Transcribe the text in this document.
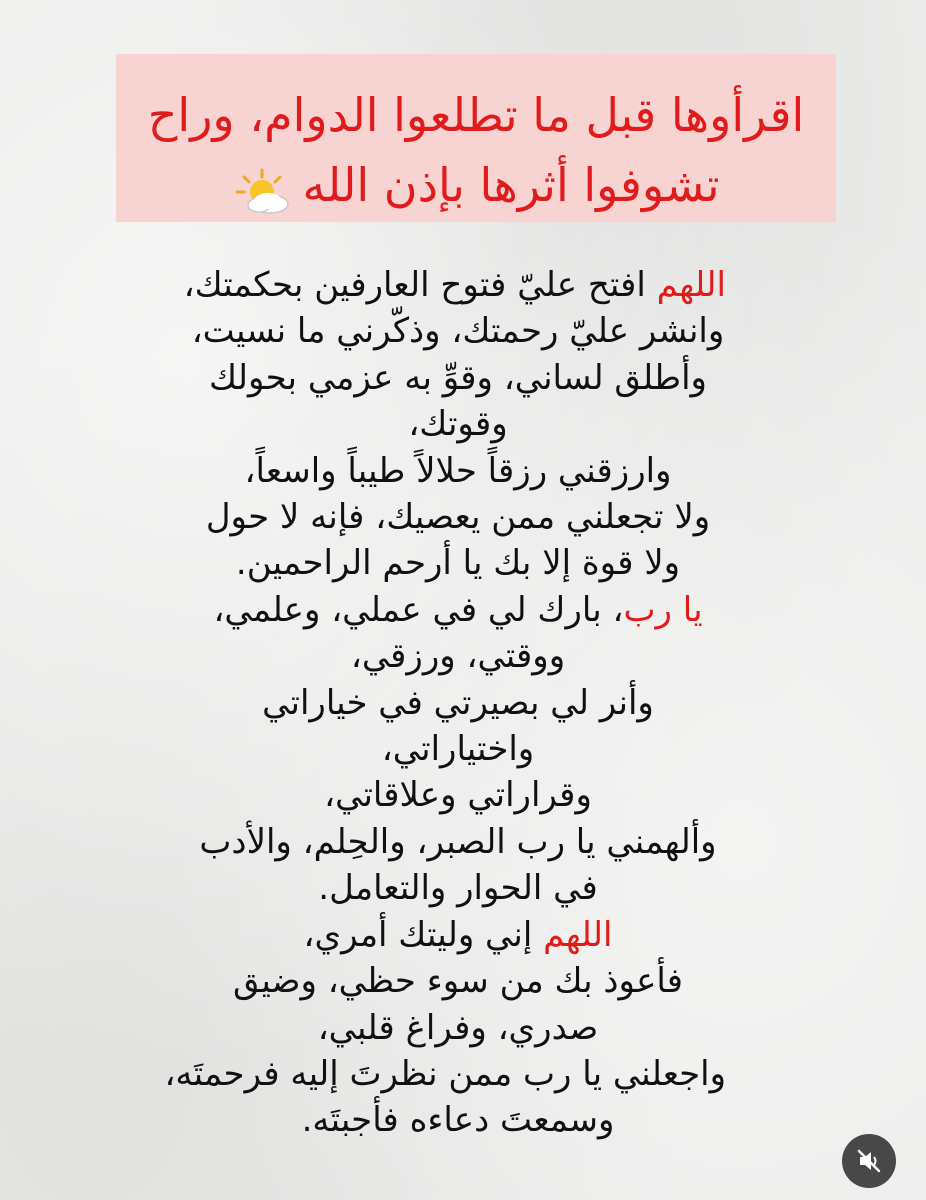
اقرأوها قبل ما تطلعوا الدوام، وراح
تشوفوا أثرها بإذن الله
اللهم افتح عليّ فتوح العارفين بحكمتك،
وانشر عليّ رحمتك، وذكّرني ما نسيت،
وأطلق لساني، وقوِّ به عزمي بحولك
وقوتك،
وارزقني رزقاً حلالاً طيباً واسعاً،
ولا تجعلني ممن يعصيك، فإنه لا حول
ولا قوة إلا بك يا أرحم الراحمين.
يا رب، بارك لي في عملي، وعلمي،
ووقتي، ورزقي،
وأنر لي بصيرتي في خياراتي
واختياراتي،
وقراراتي وعلاقاتي،
وألهمني يا رب الصبر، والحِلم، والأدب
في الحوار والتعامل.
اللهم إني وليتك أمري،
فأعوذ بك من سوء حظي، وضيق
صدري، وفراغ قلبي،
واجعلني يا رب ممن نظرتَ إليه فرحمتَه،
وسمعتَ دعاءه فأجبتَه.
